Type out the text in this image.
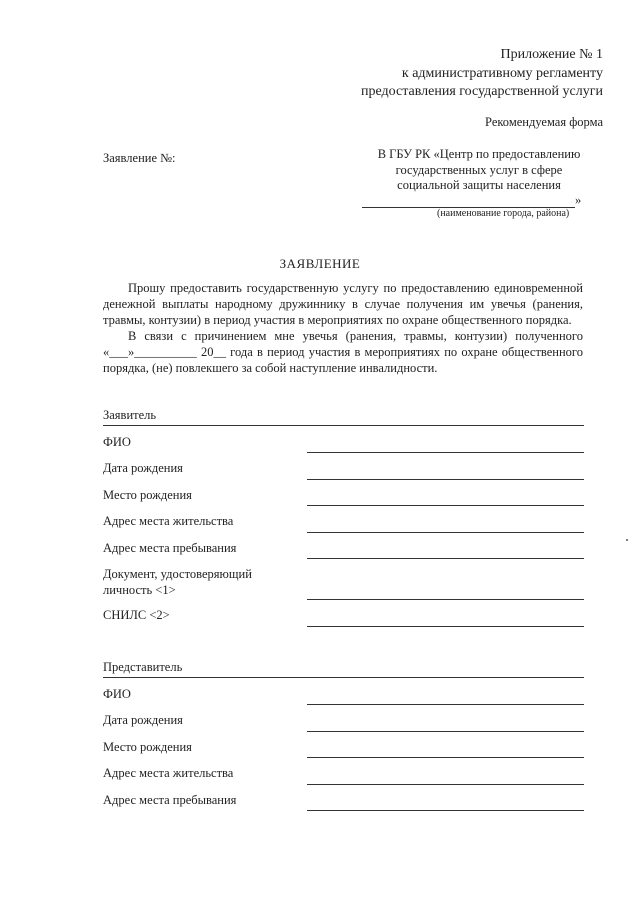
Приложение № 1
к административному регламенту
предоставления государственной услуги
Рекомендуемая форма
Заявление №:	В ГБУ РК «Центр по предоставлению
государственных услуг в сфере
социальной защиты населения
»
(наименование города, района)
ЗАЯВЛЕНИЕ

Прошу предоставить государственную услугу по предоставлению единовременной денежной выплаты народному дружиннику в случае получения им увечья (ранения, травмы, контузии) в период участия в мероприятиях по охране общественного порядка.

В связи с причинением мне увечья (ранения, травмы, контузии) полученного «___»__________ 20__ года в период участия в мероприятиях по охране общественного порядка, (не) повлекшего за собой наступление инвалидности.

Заявитель
ФИО
Дата рождения
Место рождения
Адрес места жительства
Адрес места пребывания
Документ, удостоверяющий
личность <1>
СНИЛС <2>
Представитель
ФИО
Дата рождения
Место рождения
Адрес места жительства
Адрес места пребывания
